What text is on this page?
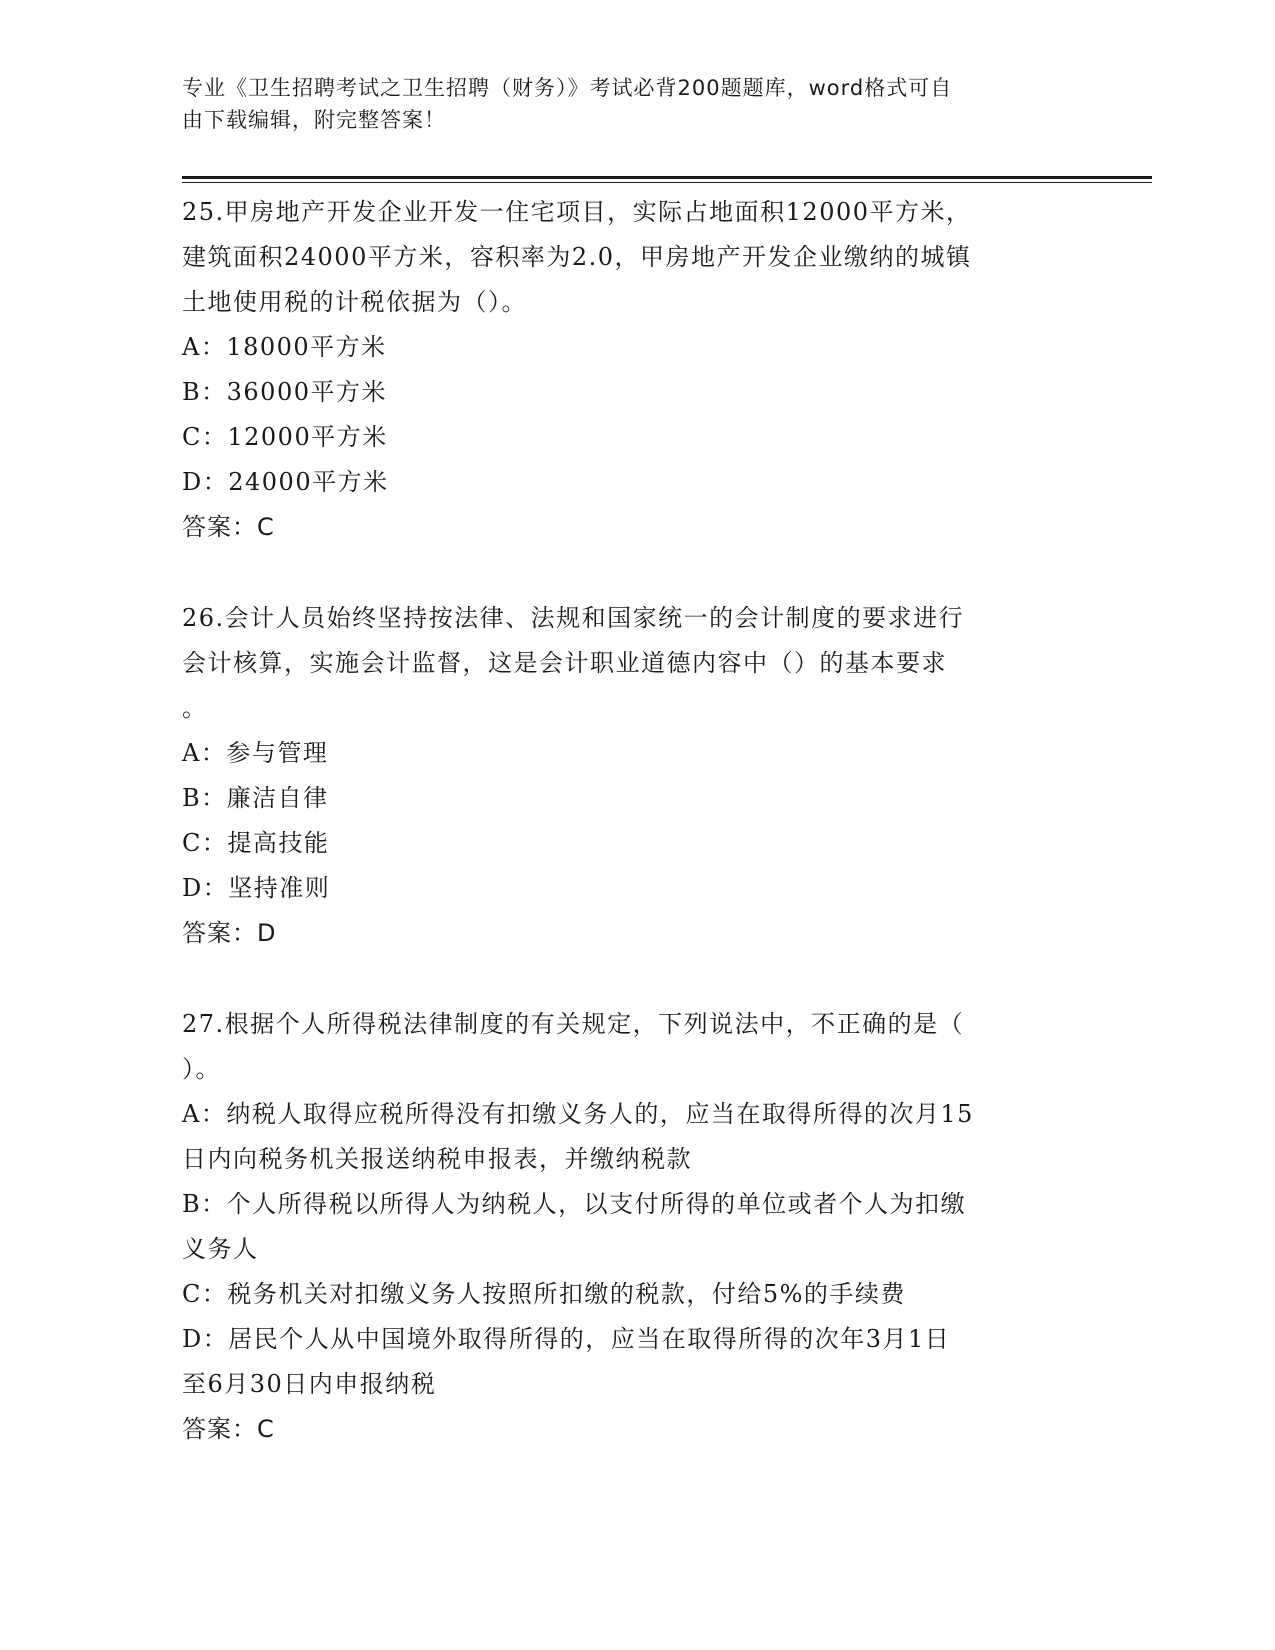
专业《卫生招聘考试之卫生招聘（财务）》考试必背200题题库，word格式可自
由下载编辑，附完整答案！

25.甲房地产开发企业开发一住宅项目，实际占地面积12000平方米，

建筑面积24000平方米，容积率为2.0，甲房地产开发企业缴纳的城镇

土地使用税的计税依据为（）。

A：18000平方米

B：36000平方米

C：12000平方米

D：24000平方米

答案：C

26.会计人员始终坚持按法律、法规和国家统一的会计制度的要求进行

会计核算，实施会计监督，这是会计职业道德内容中（）的基本要求

。

A：参与管理

B：廉洁自律

C：提高技能

D：坚持准则

答案：D

27.根据个人所得税法律制度的有关规定，下列说法中，不正确的是（

）。

A：纳税人取得应税所得没有扣缴义务人的，应当在取得所得的次月15

日内向税务机关报送纳税申报表，并缴纳税款

B：个人所得税以所得人为纳税人，以支付所得的单位或者个人为扣缴

义务人

C：税务机关对扣缴义务人按照所扣缴的税款，付给5%的手续费

D：居民个人从中国境外取得所得的，应当在取得所得的次年3月1日

至6月30日内申报纳税

答案：C
